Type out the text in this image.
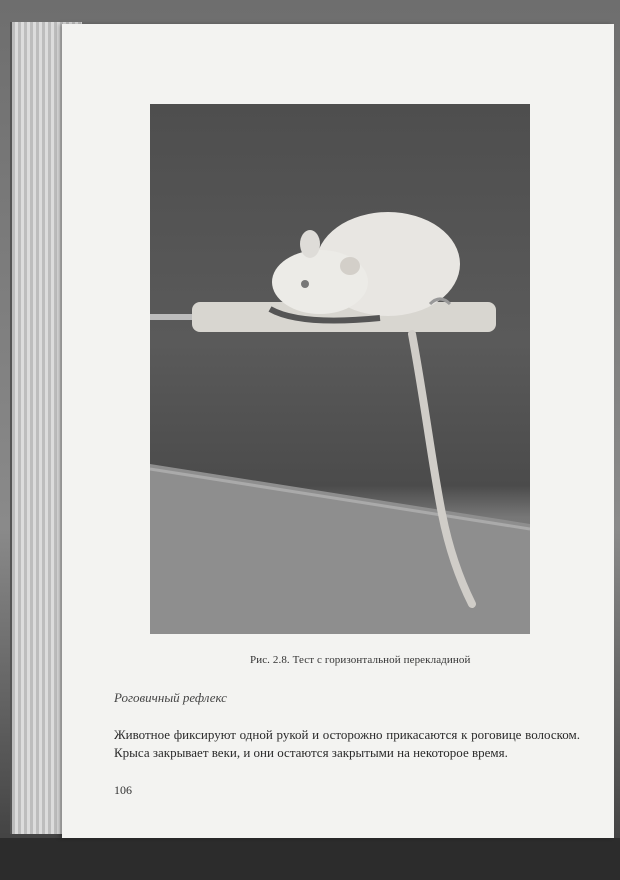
Рис. 2.8. Тест с горизонтальной перекладиной
Роговичный рефлекс
Животное фиксируют одной рукой и осторожно прикасаются к роговице волоском. Крыса закрывает веки, и они остаются закрытыми на некоторое время.
106
